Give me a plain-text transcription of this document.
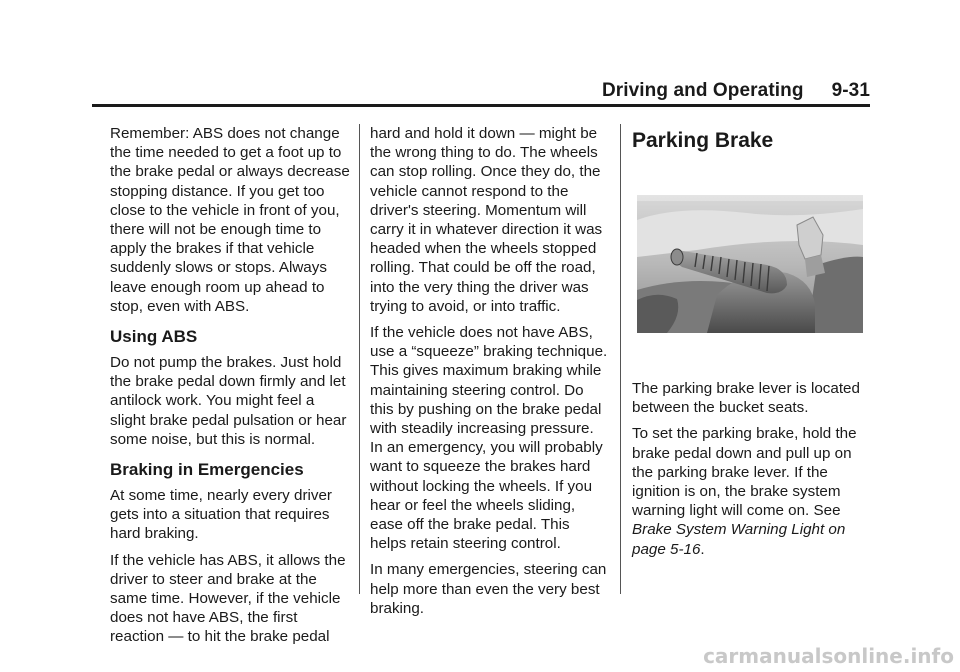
Driving and Operating 9-31

Remember: ABS does not change the time needed to get a foot up to the brake pedal or always decrease stopping distance. If you get too close to the vehicle in front of you, there will not be enough time to apply the brakes if that vehicle suddenly slows or stops. Always leave enough room up ahead to stop, even with ABS.

Using ABS

Do not pump the brakes. Just hold the brake pedal down firmly and let antilock work. You might feel a slight brake pedal pulsation or hear some noise, but this is normal.

Braking in Emergencies

At some time, nearly every driver gets into a situation that requires hard braking.

If the vehicle has ABS, it allows the driver to steer and brake at the same time. However, if the vehicle does not have ABS, the first reaction — to hit the brake pedal

hard and hold it down — might be the wrong thing to do. The wheels can stop rolling. Once they do, the vehicle cannot respond to the driver's steering. Momentum will carry it in whatever direction it was headed when the wheels stopped rolling. That could be off the road, into the very thing the driver was trying to avoid, or into traffic.

If the vehicle does not have ABS, use a “squeeze” braking technique. This gives maximum braking while maintaining steering control. Do this by pushing on the brake pedal with steadily increasing pressure. In an emergency, you will probably want to squeeze the brakes hard without locking the wheels. If you hear or feel the wheels sliding, ease off the brake pedal. This helps retain steering control.

In many emergencies, steering can help more than even the very best braking.

Parking Brake

The parking brake lever is located between the bucket seats.

To set the parking brake, hold the brake pedal down and pull up on the parking brake lever. If the ignition is on, the brake system warning light will come on. See Brake System Warning Light on page 5-16.

carmanualsonline.info
